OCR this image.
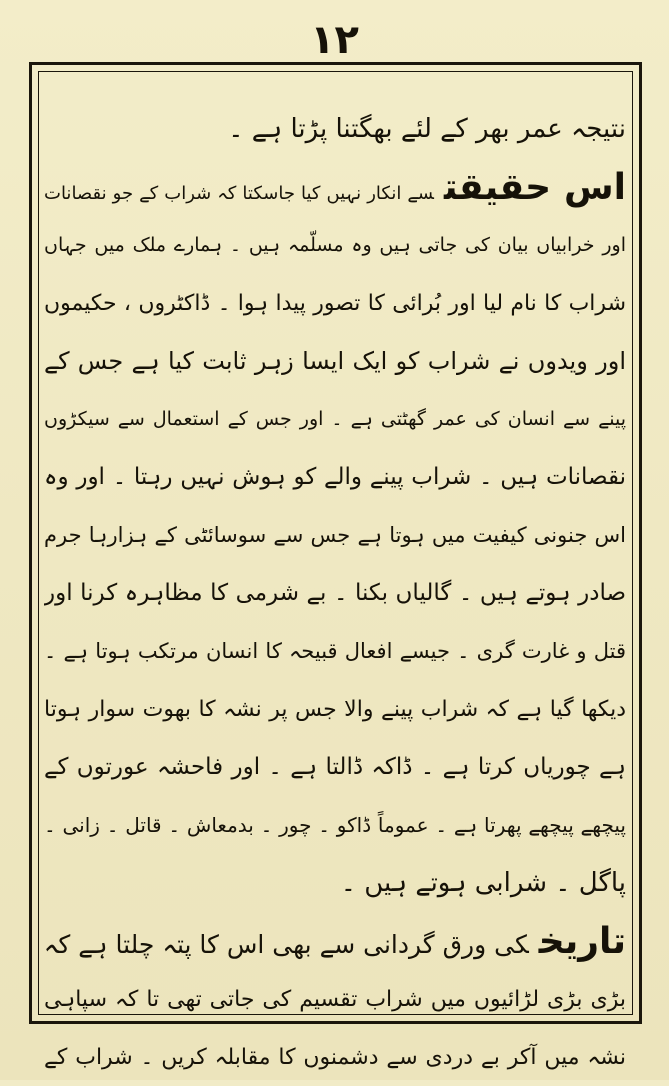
۱۲
نتیجہ عمر بھر کے لئے بھگتنا پڑتا ہے ۔
اس حقیقتسے انکار نہیں کیا جاسکتا کہ شراب کے جو نقصانات
اور خرابیاں بیان کی جاتی ہیں وہ مسلّمہ ہیں ۔ ہمارے ملک میں جہاں
شراب کا نام لیا اور بُرائی کا تصور پیدا ہوا ۔ ڈاکٹروں ، حکیموں
اور ویدوں نے شراب کو ایک ایسا زہر ثابت کیا ہے جس کے
پینے سے انسان کی عمر گھٹتی ہے ۔ اور جس کے استعمال سے سیکڑوں
نقصانات ہیں ۔ شراب پینے والے کو ہوش نہیں رہتا ۔ اور وہ
اس جنونی کیفیت میں ہوتا ہے جس سے سوسائٹی کے ہزارہا جرم
صادر ہوتے ہیں ۔ گالیاں بکنا ۔ بے شرمی کا مظاہرہ کرنا اور
قتل و غارت گری ۔ جیسے افعال قبیحہ کا انسان مرتکب ہوتا ہے ۔
دیکھا گیا ہے کہ شراب پینے والا جس پر نشہ کا بھوت سوار ہوتا
ہے چوریاں کرتا ہے ۔ ڈاکہ ڈالتا ہے ۔ اور فاحشہ عورتوں کے
پیچھے پیچھے پھرتا ہے ۔ عموماً ڈاکو ۔ چور ۔ بدمعاش ۔ قاتل ۔ زانی ۔
پاگل ۔ شرابی ہوتے ہیں ۔
تاریخکی ورق گردانی سے بھی اس کا پتہ چلتا ہے کہ
بڑی بڑی لڑائیوں میں شراب تقسیم کی جاتی تھی تا کہ سپاہی
نشہ میں آکر بے دردی سے دشمنوں کا مقابلہ کریں ۔ شراب کے
